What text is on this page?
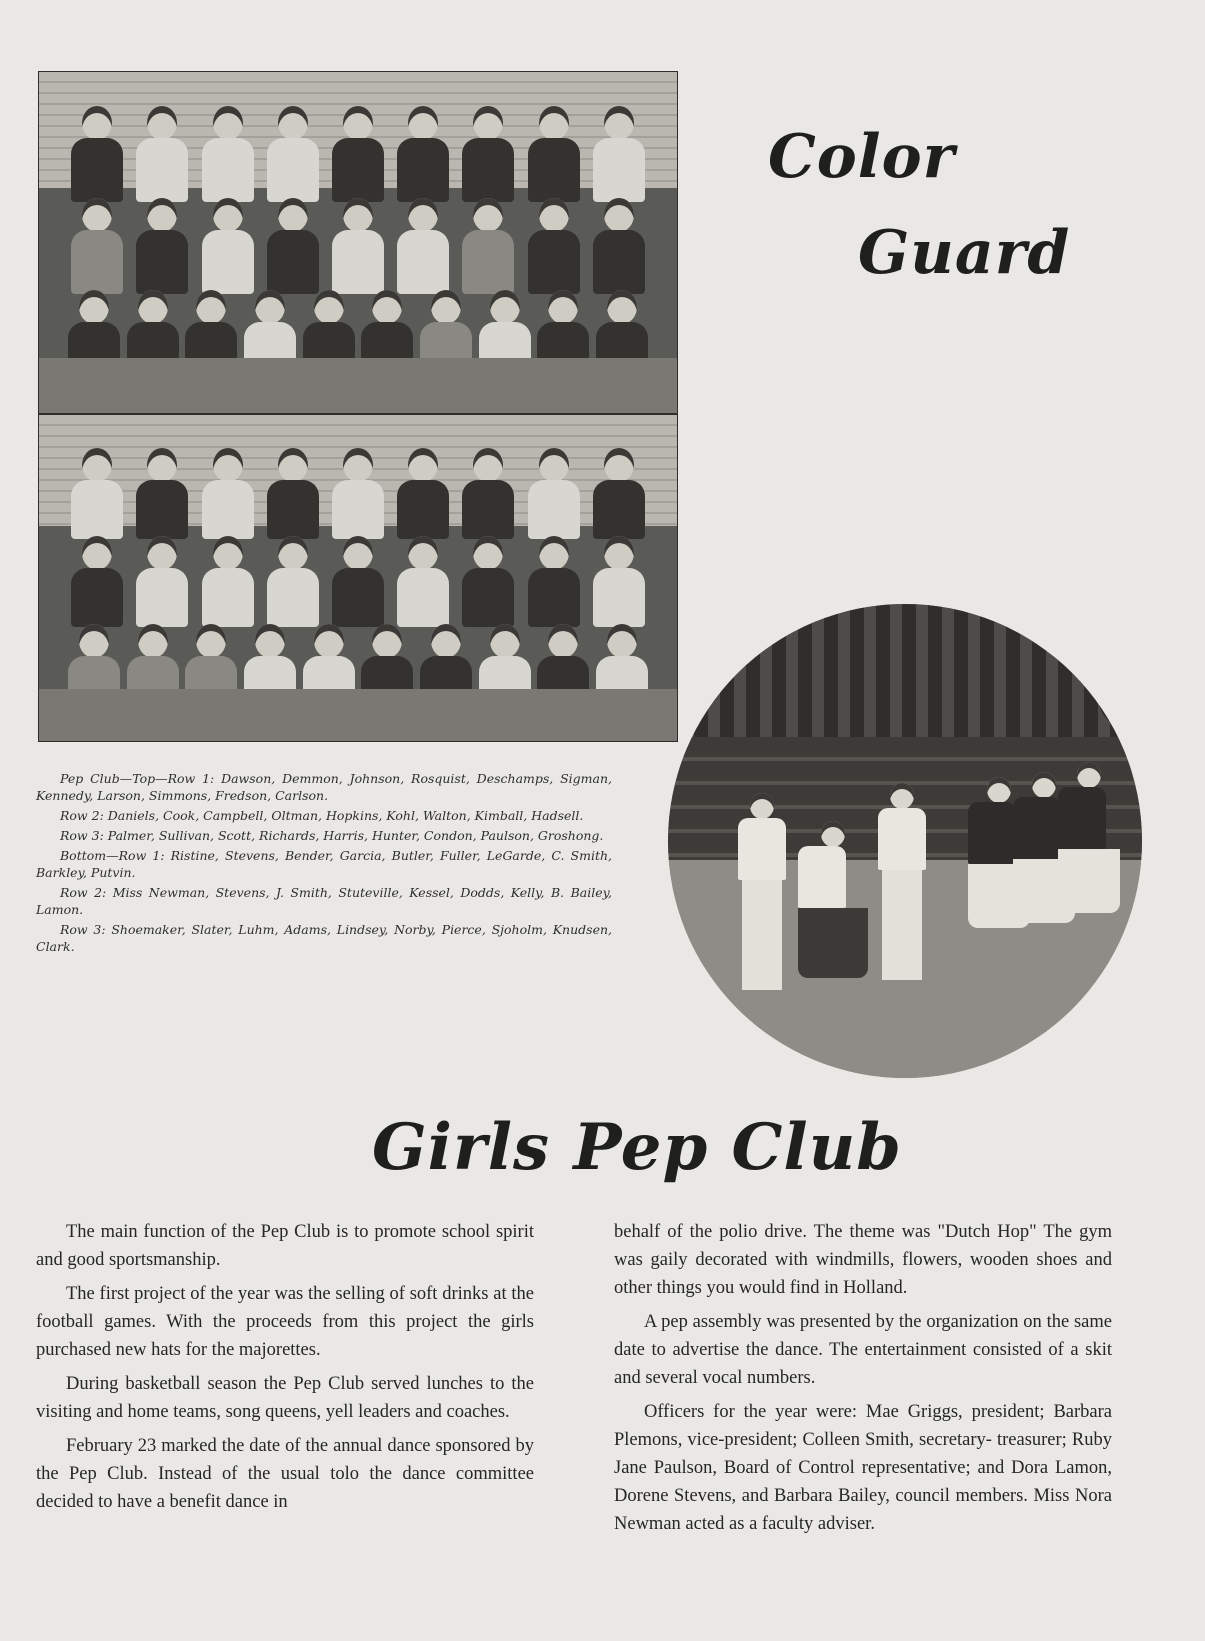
Color

Guard

Pep Club—Top—Row 1: Dawson, Demmon, Johnson, Rosquist, Deschamps, Sigman, Kennedy, Larson, Simmons, Fredson, Carlson.

Row 2: Daniels, Cook, Campbell, Oltman, Hopkins, Kohl, Walton, Kimball, Hadsell.

Row 3: Palmer, Sullivan, Scott, Richards, Harris, Hunter, Condon, Paulson, Groshong.

Bottom—Row 1: Ristine, Stevens, Bender, Garcia, Butler, Fuller, LeGarde, C. Smith, Barkley, Putvin.

Row 2: Miss Newman, Stevens, J. Smith, Stuteville, Kessel, Dodds, Kelly, B. Bailey, Lamon.

Row 3: Shoemaker, Slater, Luhm, Adams, Lindsey, Norby, Pierce, Sjoholm, Knudsen, Clark.

Girls Pep Club

The main function of the Pep Club is to promote school spirit and good sportsmanship.

The first project of the year was the selling of soft drinks at the football games. With the proceeds from this project the girls purchased new hats for the majorettes.

During basketball season the Pep Club served lunches to the visiting and home teams, song queens, yell leaders and coaches.

February 23 marked the date of the annual dance sponsored by the Pep Club. Instead of the usual tolo the dance committee decided to have a benefit dance in

behalf of the polio drive. The theme was "Dutch Hop" The gym was gaily decorated with windmills, flowers, wooden shoes and other things you would find in Holland.

A pep assembly was presented by the organization on the same date to advertise the dance. The entertainment consisted of a skit and several vocal numbers.

Officers for the year were: Mae Griggs, president; Barbara Plemons, vice-president; Colleen Smith, secretary- treasurer; Ruby Jane Paulson, Board of Control representative; and Dora Lamon, Dorene Stevens, and Barbara Bailey, council members. Miss Nora Newman acted as a faculty adviser.
